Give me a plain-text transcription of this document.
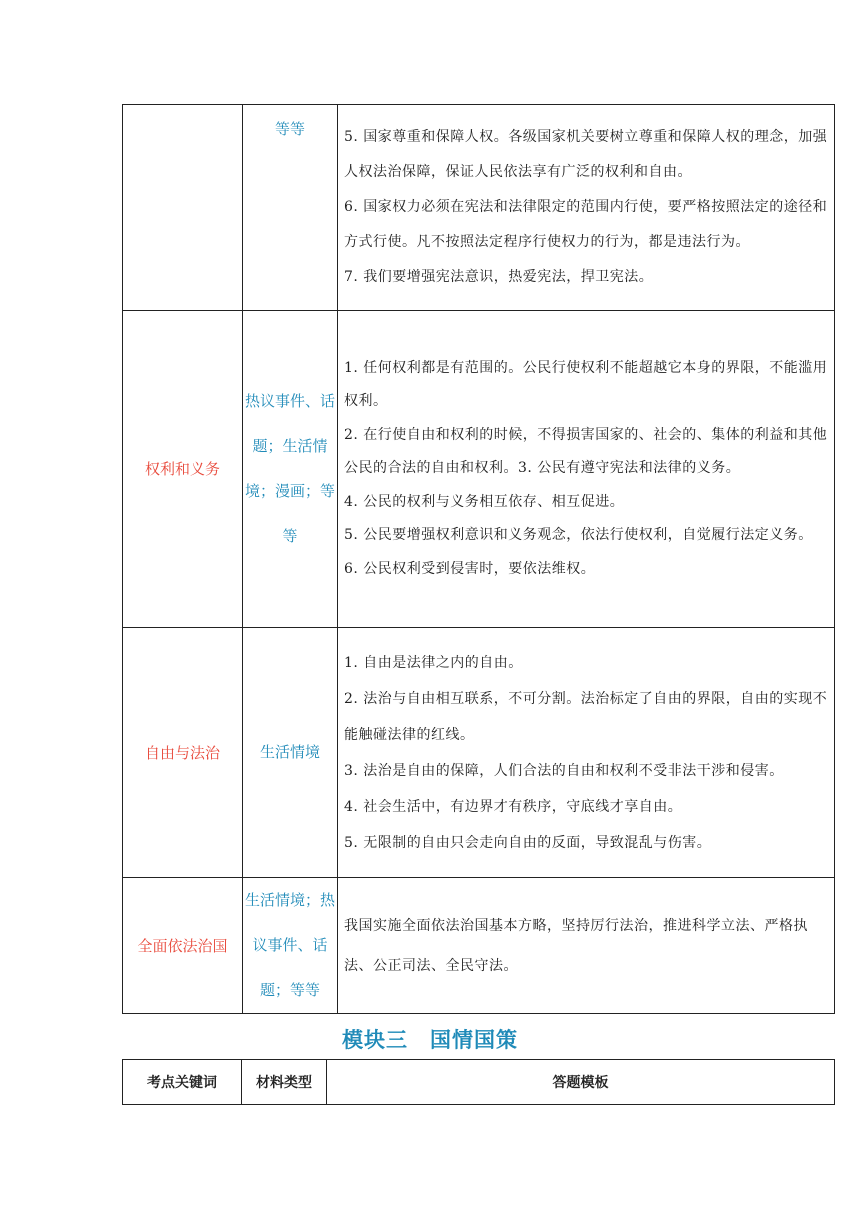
	等等	5. 国家尊重和保障人权。各级国家机关要树立尊重和保障人权的理念，加强人权法治保障，保证人民依法享有广泛的权利和自由。

6. 国家权力必须在宪法和法律限定的范围内行使，要严格按照法定的途径和方式行使。凡不按照法定程序行使权力的行为，都是违法行为。

7. 我们要增强宪法意识，热爱宪法，捍卫宪法。

权利和义务	热议事件、话题；生活情境；漫画；等等	1. 任何权利都是有范围的。公民行使权利不能超越它本身的界限，不能滥用权利。

2. 在行使自由和权利的时候，不得损害国家的、社会的、集体的利益和其他公民的合法的自由和权利。3. 公民有遵守宪法和法律的义务。

4. 公民的权利与义务相互依存、相互促进。

5. 公民要增强权利意识和义务观念，依法行使权利，自觉履行法定义务。

6. 公民权利受到侵害时，要依法维权。

自由与法治	生活情境	1. 自由是法律之内的自由。

2. 法治与自由相互联系，不可分割。法治标定了自由的界限，自由的实现不能触碰法律的红线。

3. 法治是自由的保障，人们合法的自由和权利不受非法干涉和侵害。

4. 社会生活中，有边界才有秩序，守底线才享自由。

5. 无限制的自由只会走向自由的反面，导致混乱与伤害。

全面依法治国	生活情境；热议事件、话题；等等	我国实施全面依法治国基本方略，坚持厉行法治，推进科学立法、严格执法、公正司法、全民守法。

模块三　国情国策
考点关键词	材料类型	答题模板
